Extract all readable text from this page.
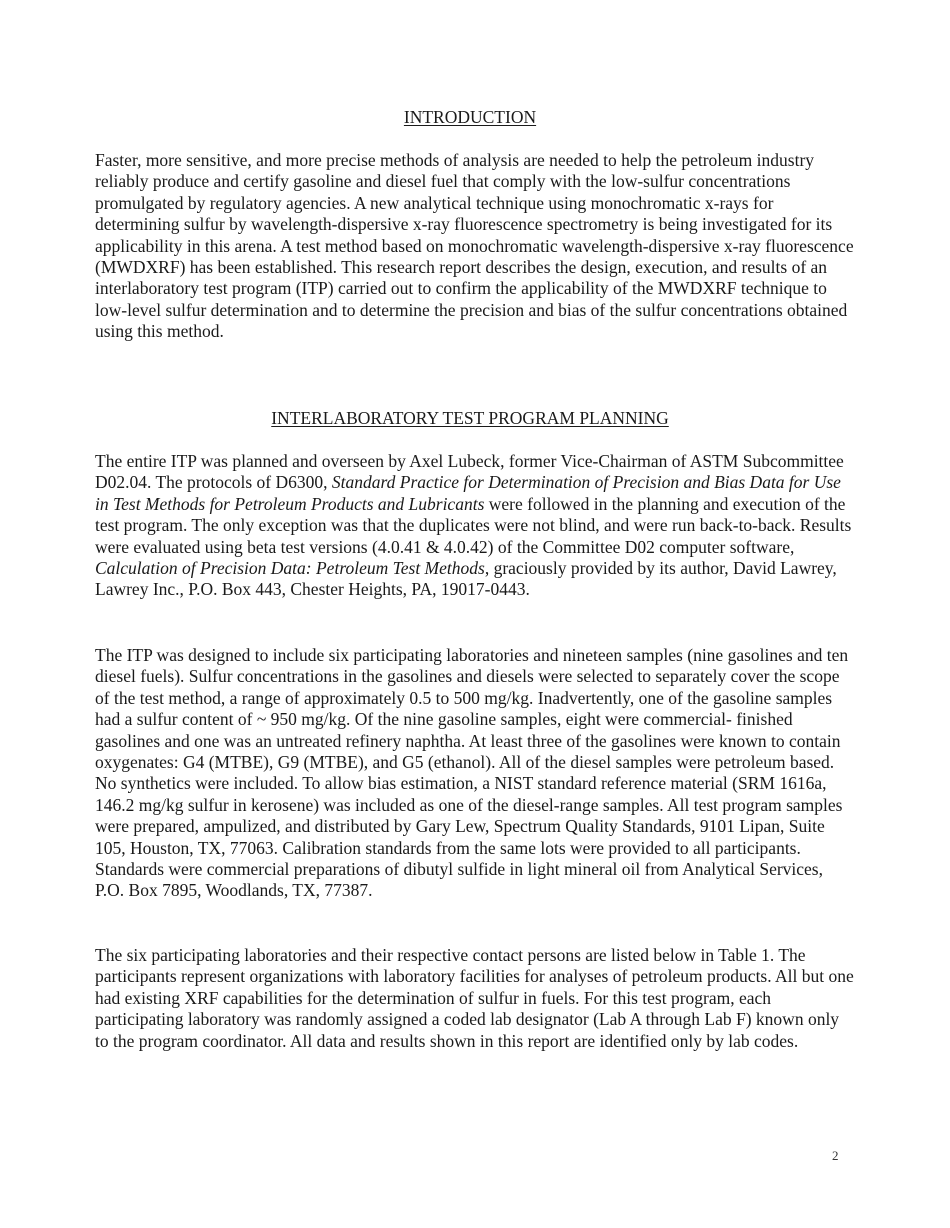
INTRODUCTION

Faster, more sensitive, and more precise methods of analysis are needed to help the petroleum industry reliably produce and certify gasoline and diesel fuel that comply with the low-sulfur concentrations promulgated by regulatory agencies. A new analytical technique using monochromatic x-rays for determining sulfur by wavelength-dispersive x-ray fluorescence spectrometry is being investigated for its applicability in this arena. A test method based on monochromatic wavelength-dispersive x-ray fluorescence (MWDXRF) has been established. This research report describes the design, execution, and results of an interlaboratory test program (ITP) carried out to confirm the applicability of the MWDXRF technique to low-level sulfur determination and to determine the precision and bias of the sulfur concentrations obtained using this method.

INTERLABORATORY TEST PROGRAM PLANNING

The entire ITP was planned and overseen by Axel Lubeck, former Vice-Chairman of ASTM Subcommittee D02.04. The protocols of D6300, Standard Practice for Determination of Precision and Bias Data for Use in Test Methods for Petroleum Products and Lubricants were followed in the planning and execution of the test program. The only exception was that the duplicates were not blind, and were run back-to-back. Results were evaluated using beta test versions (4.0.41 & 4.0.42) of the Committee D02 computer software, Calculation of Precision Data: Petroleum Test Methods, graciously provided by its author, David Lawrey, Lawrey Inc., P.O. Box 443, Chester Heights, PA, 19017-0443.

The ITP was designed to include six participating laboratories and nineteen samples (nine gasolines and ten diesel fuels). Sulfur concentrations in the gasolines and diesels were selected to separately cover the scope of the test method, a range of approximately 0.5 to 500 mg/kg. Inadvertently, one of the gasoline samples had a sulfur content of ~ 950 mg/kg. Of the nine gasoline samples, eight were commercial- finished gasolines and one was an untreated refinery naphtha. At least three of the gasolines were known to contain oxygenates: G4 (MTBE), G9 (MTBE), and G5 (ethanol). All of the diesel samples were petroleum based. No synthetics were included. To allow bias estimation, a NIST standard reference material (SRM 1616a, 146.2 mg/kg sulfur in kerosene) was included as one of the diesel-range samples. All test program samples were prepared, ampulized, and distributed by Gary Lew, Spectrum Quality Standards, 9101 Lipan, Suite 105, Houston, TX, 77063. Calibration standards from the same lots were provided to all participants. Standards were commercial preparations of dibutyl sulfide in light mineral oil from Analytical Services, P.O. Box 7895, Woodlands, TX, 77387.

The six participating laboratories and their respective contact persons are listed below in Table 1. The participants represent organizations with laboratory facilities for analyses of petroleum products. All but one had existing XRF capabilities for the determination of sulfur in fuels. For this test program, each participating laboratory was randomly assigned a coded lab designator (Lab A through Lab F) known only to the program coordinator. All data and results shown in this report are identified only by lab codes.

2
